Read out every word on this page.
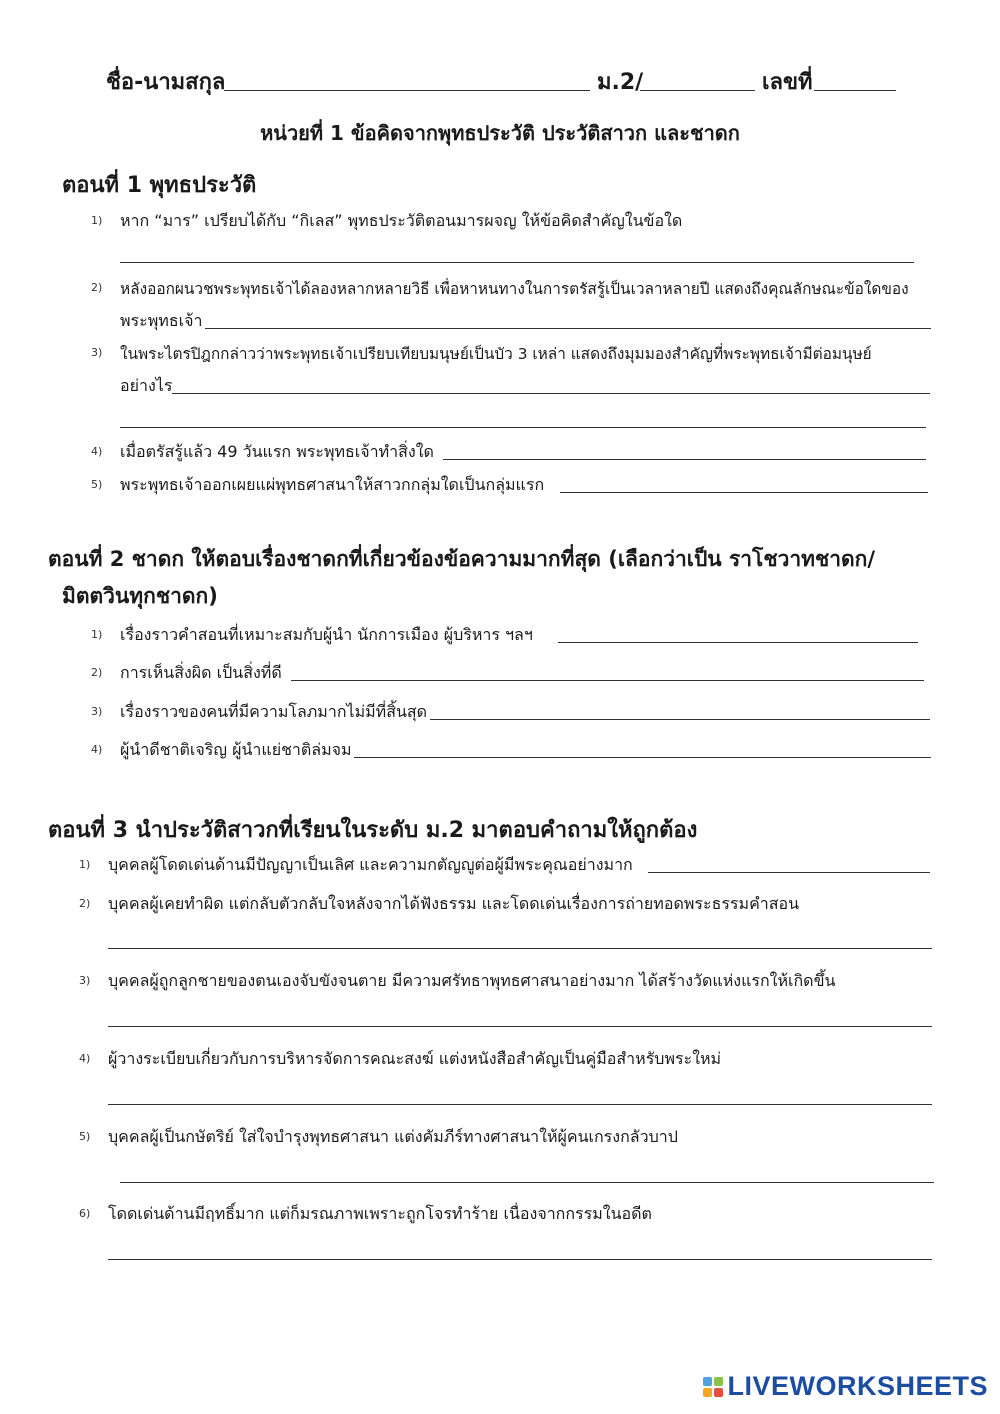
ชื่อ-นามสกุล	ม.2/	เลขที่
หน่วยที่ 1 ข้อคิดจากพุทธประวัติ ประวัติสาวก และชาดก
ตอนที่ 1 พุทธประวัติ
1) หาก “มาร” เปรียบได้กับ “กิเลส” พุทธประวัติตอนมารผจญ ให้ข้อคิดสำคัญในข้อใด
2) หลังออกผนวชพระพุทธเจ้าได้ลองหลากหลายวิธี เพื่อหาหนทางในการตรัสรู้เป็นเวลาหลายปี แสดงถึงคุณลักษณะข้อใดของ
พระพุทธเจ้า
3) ในพระไตรปิฎกกล่าวว่าพระพุทธเจ้าเปรียบเทียบมนุษย์เป็นบัว 3 เหล่า แสดงถึงมุมมองสำคัญที่พระพุทธเจ้ามีต่อมนุษย์
อย่างไร
4) เมื่อตรัสรู้แล้ว 49 วันแรก พระพุทธเจ้าทำสิ่งใด
5) พระพุทธเจ้าออกเผยแผ่พุทธศาสนาให้สาวกกลุ่มใดเป็นกลุ่มแรก
ตอนที่ 2 ชาดก ให้ตอบเรื่องชาดกที่เกี่ยวข้องข้อความมากที่สุด (เลือกว่าเป็น ราโชวาทชาดก/
มิตตวินทุกชาดก)
1) เรื่องราวคำสอนที่เหมาะสมกับผู้นำ นักการเมือง ผู้บริหาร ฯลฯ
2) การเห็นสิ่งผิด เป็นสิ่งที่ดี
3) เรื่องราวของคนที่มีความโลภมากไม่มีที่สิ้นสุด
4) ผู้นำดีชาติเจริญ ผู้นำแย่ชาติล่มจม
ตอนที่ 3 นำประวัติสาวกที่เรียนในระดับ ม.2 มาตอบคำถามให้ถูกต้อง
1) บุคคลผู้โดดเด่นด้านมีปัญญาเป็นเลิศ และความกตัญญูต่อผู้มีพระคุณอย่างมาก
2) บุคคลผู้เคยทำผิด แต่กลับตัวกลับใจหลังจากได้ฟังธรรม และโดดเด่นเรื่องการถ่ายทอดพระธรรมคำสอน
3) บุคคลผู้ถูกลูกชายของตนเองจับขังจนตาย มีความศรัทธาพุทธศาสนาอย่างมาก ได้สร้างวัดแห่งแรกให้เกิดขึ้น
4) ผู้วางระเบียบเกี่ยวกับการบริหารจัดการคณะสงฆ์ แต่งหนังสือสำคัญเป็นคู่มือสำหรับพระใหม่
5) บุคคลผู้เป็นกษัตริย์ ใส่ใจบำรุงพุทธศาสนา แต่งคัมภีร์ทางศาสนาให้ผู้คนเกรงกลัวบาป
6) โดดเด่นด้านมีฤทธิ์มาก แต่ก็มรณภาพเพราะถูกโจรทำร้าย เนื่องจากกรรมในอดีต
LIVEWORKSHEETS
